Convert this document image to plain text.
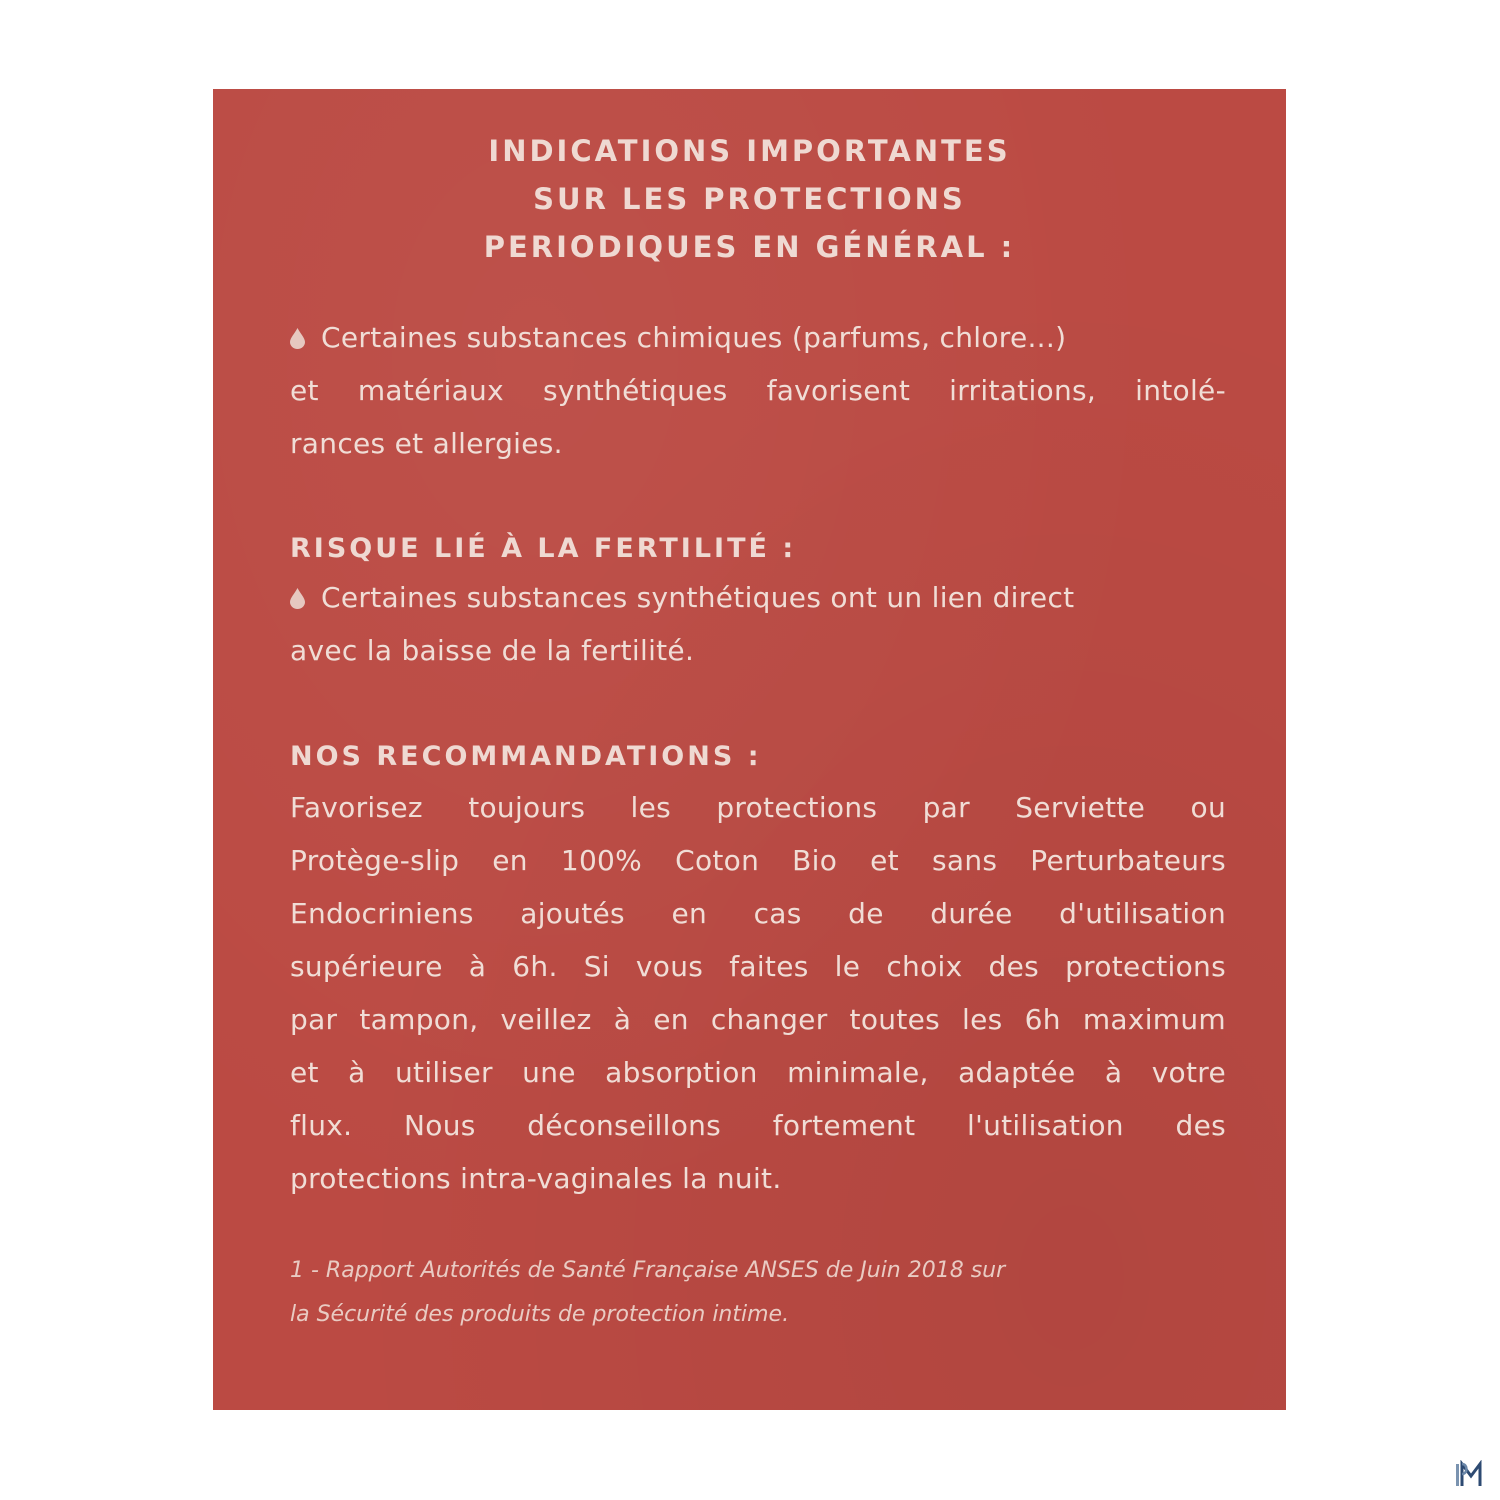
INDICATIONS IMPORTANTES
SUR LES PROTECTIONS
PERIODIQUES EN GÉNÉRAL :
Certaines substances chimiques (parfums, chlore...)
et matériaux synthétiques favorisent irritations, intolé-
rances et allergies.
RISQUE LIÉ À LA FERTILITÉ :
Certaines substances synthétiques ont un lien direct
avec la baisse de la fertilité.
NOS RECOMMANDATIONS :
Favorisez toujours les protections par Serviette ou
Protège-slip en 100% Coton Bio et sans Perturbateurs
Endocriniens ajoutés en cas de durée d'utilisation
supérieure à 6h. Si vous faites le choix des protections
par tampon, veillez à en changer toutes les 6h maximum
et à utiliser une absorption minimale, adaptée à votre
flux. Nous déconseillons fortement l'utilisation des
protections intra-vaginales la nuit.
1 - Rapport Autorités de Santé Française ANSES de Juin 2018 sur
la Sécurité des produits de protection intime.
